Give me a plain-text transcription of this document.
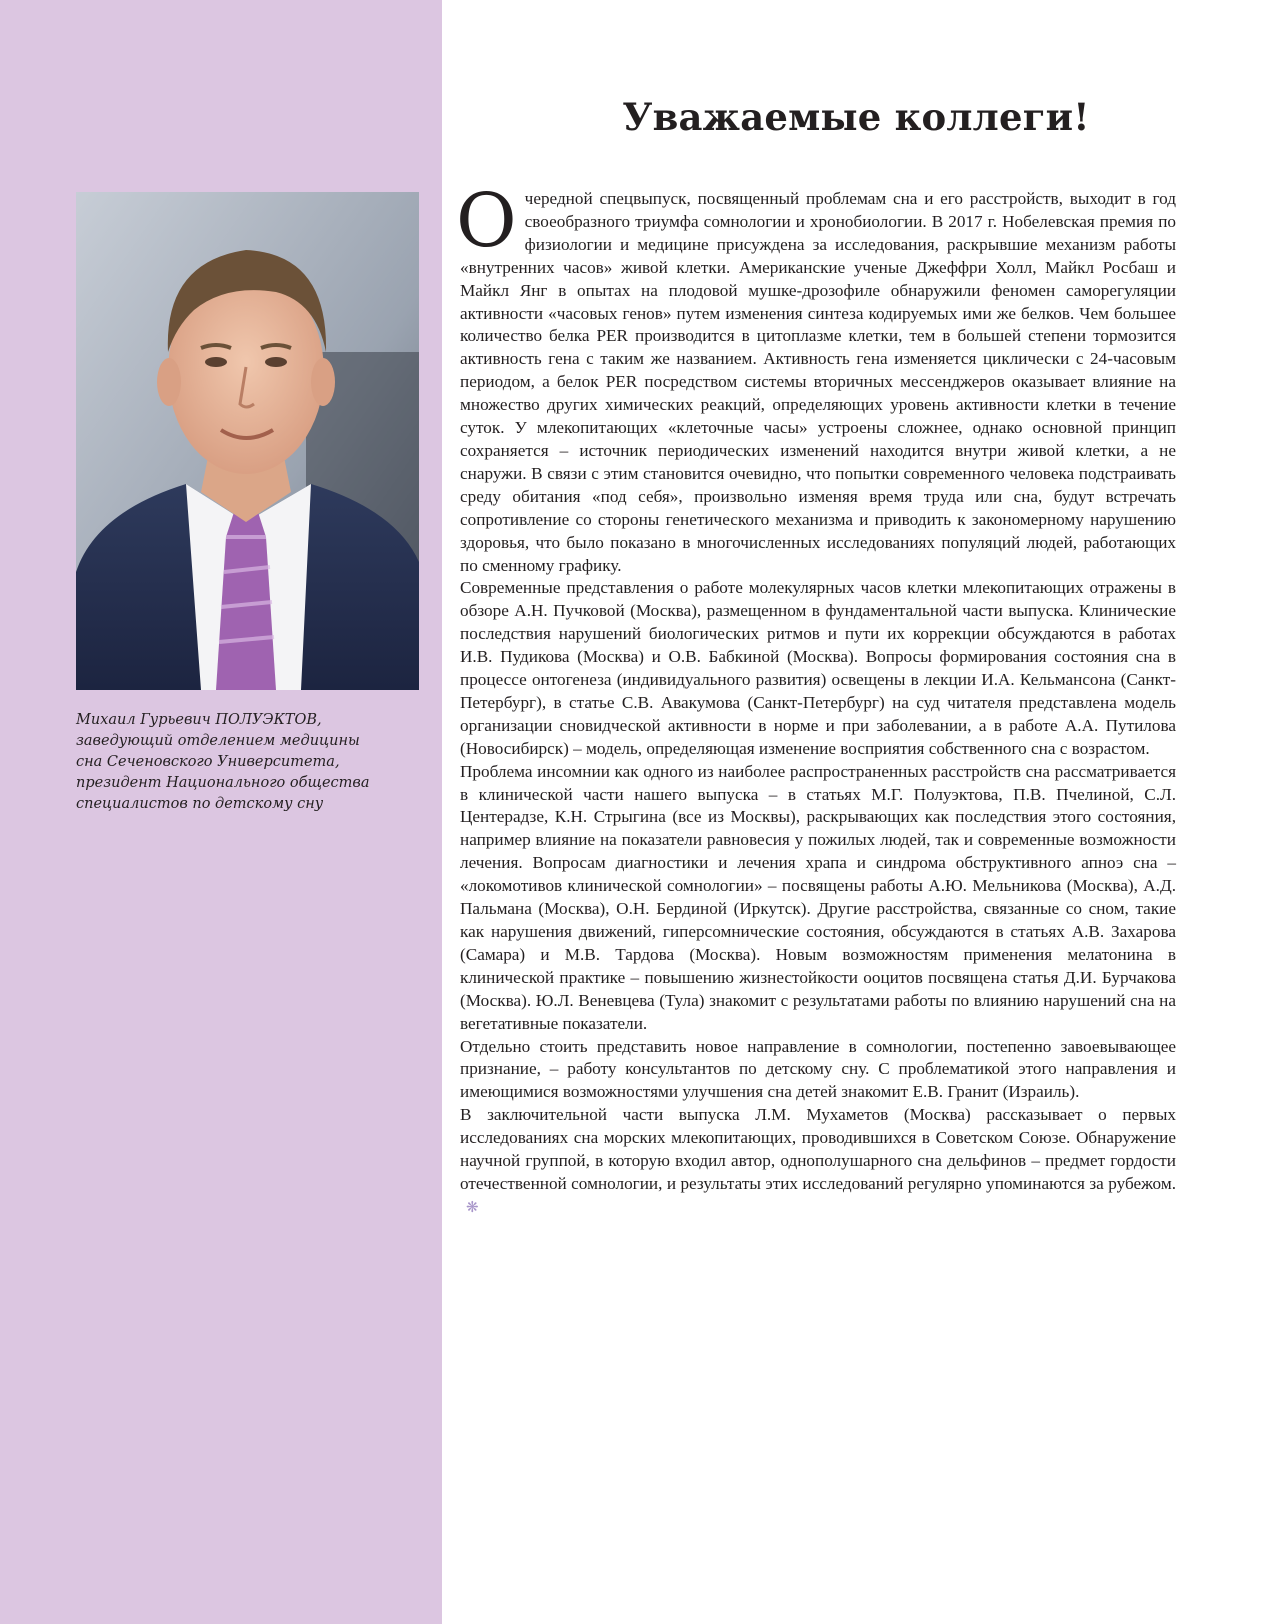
Михаил Гурьевич ПОЛУЭКТОВ,
заведующий отделением медицины
сна Сеченовского Университета,
президент Национального общества
специалистов по детскому сну
Уважаемые коллеги!

Очередной спецвыпуск, посвященный проблемам сна и его расстройств, выходит в год своеобразного триумфа сомнологии и хронобиологии. В 2017 г. Нобелевская премия по физиологии и медицине присуждена за исследования, раскрывшие механизм работы «внутренних часов» живой клетки. Американские ученые Джеффри Холл, Майкл Росбаш и Майкл Янг в опытах на плодовой мушке-дрозофиле обнаружили феномен саморегуляции активности «часовых генов» путем изменения синтеза кодируемых ими же белков. Чем большее количество белка PER производится в цитоплазме клетки, тем в большей степени тормозится активность гена с таким же названием. Активность гена изменяется циклически с 24-часовым периодом, а белок PER посредством системы вторичных мессенджеров оказывает влияние на множество других химических реакций, определяющих уровень активности клетки в течение суток. У млекопитающих «клеточные часы» устроены сложнее, однако основной принцип сохраняется – источник периодических изменений находится внутри живой клетки, а не снаружи. В связи с этим становится очевидно, что попытки современного человека подстраивать среду обитания «под себя», произвольно изменяя время труда или сна, будут встречать сопротивление со стороны генетического механизма и приводить к закономерному нарушению здоровья, что было показано в многочисленных исследованиях популяций людей, работающих по сменному графику.

Современные представления о работе молекулярных часов клетки млекопитающих отражены в обзоре А.Н. Пучковой (Москва), размещенном в фундаментальной части выпуска. Клинические последствия нарушений биологических ритмов и пути их коррекции обсуждаются в работах И.В. Пудикова (Москва) и О.В. Бабкиной (Москва). Вопросы формирования состояния сна в процессе онтогенеза (индивидуального развития) освещены в лекции И.А. Кельмансона (Санкт-Петербург), в статье С.В. Авакумова (Санкт-Петербург) на суд читателя представлена модель организации сновидческой активности в норме и при заболевании, а в работе А.А. Путилова (Новосибирск) – модель, определяющая изменение восприятия собственного сна с возрастом.

Проблема инсомнии как одного из наиболее распространенных расстройств сна рассматривается в клинической части нашего выпуска – в статьях М.Г. Полуэктова, П.В. Пчелиной, С.Л. Центерадзе, К.Н. Стрыгина (все из Москвы), раскрывающих как последствия этого состояния, например влияние на показатели равновесия у пожилых людей, так и современные возможности лечения. Вопросам диагностики и лечения храпа и синдрома обструктивного апноэ сна – «локомотивов клинической сомнологии» – посвящены работы А.Ю. Мельникова (Москва), А.Д. Пальмана (Москва), О.Н. Бердиной (Иркутск). Другие расстройства, связанные со сном, такие как нарушения движений, гиперсомнические состояния, обсуждаются в статьях А.В. Захарова (Самара) и М.В. Тардова (Москва). Новым возможностям применения мелатонина в клинической практике – повышению жизнестойкости ооцитов посвящена статья Д.И. Бурчакова (Москва). Ю.Л. Веневцева (Тула) знакомит с результатами работы по влиянию нарушений сна на вегетативные показатели.

Отдельно стоить представить новое направление в сомнологии, постепенно завоевывающее признание, – работу консультантов по детскому сну. С проблематикой этого направления и имеющимися возможностями улучшения сна детей знакомит Е.В. Гранит (Израиль).

В заключительной части выпуска Л.М. Мухаметов (Москва) рассказывает о первых исследованиях сна морских млекопитающих, проводившихся в Советском Союзе. Обнаружение научной группой, в которую входил автор, однополушарного сна дельфинов – предмет гордости отечественной сомнологии, и результаты этих исследований регулярно упоминаются за рубежом.❋
